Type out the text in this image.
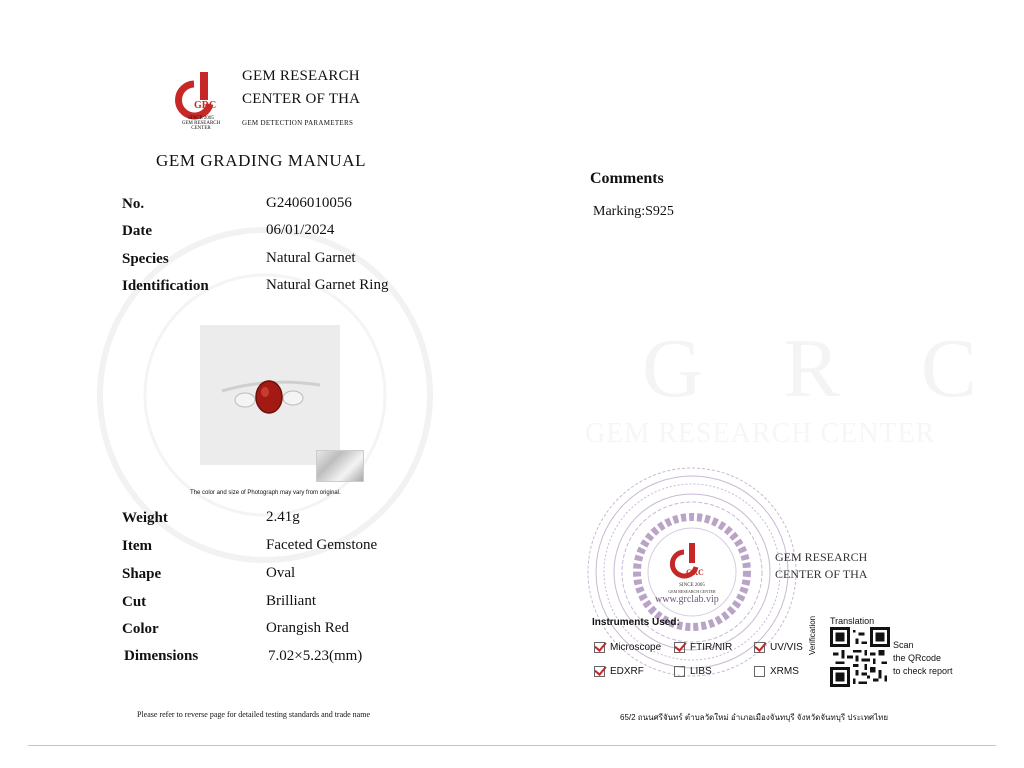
GRC
SINCE 2005
GEM RESEARCH CENTER
GEM RESEARCH
CENTER OF THA
GEM DETECTION PARAMETERS
GEM GRADING MANUAL
No.	G2406010056
Date	06/01/2024
Species	Natural Garnet
Identification	Natural Garnet Ring
The color and size of Photograph may vary from original.
Weight	2.41g
Item	Faceted Gemstone
Shape	Oval
Cut	Brilliant
Color	Orangish Red
Dimensions	7.02×5.23(mm)
Comments
Marking:S925
G R C
GEM RESEARCH CENTER
GRC
SINCE 2005
GEM RESEARCH CENTER
www.grclab.vip
GEM RESEARCH
CENTER OF THA
Instruments Used:
Microscope	FTIR/NIR	UV/VIS
EDXRF	LIBS	XRMS
Translation
Verification	Scan
the QRcode
to check report
Please refer to reverse page for detailed testing standards and trade name	65/2 ถนนศรีจันทร์ ตำบลวัดใหม่ อำเภอเมืองจันทบุรี จังหวัดจันทบุรี ประเทศไทย
